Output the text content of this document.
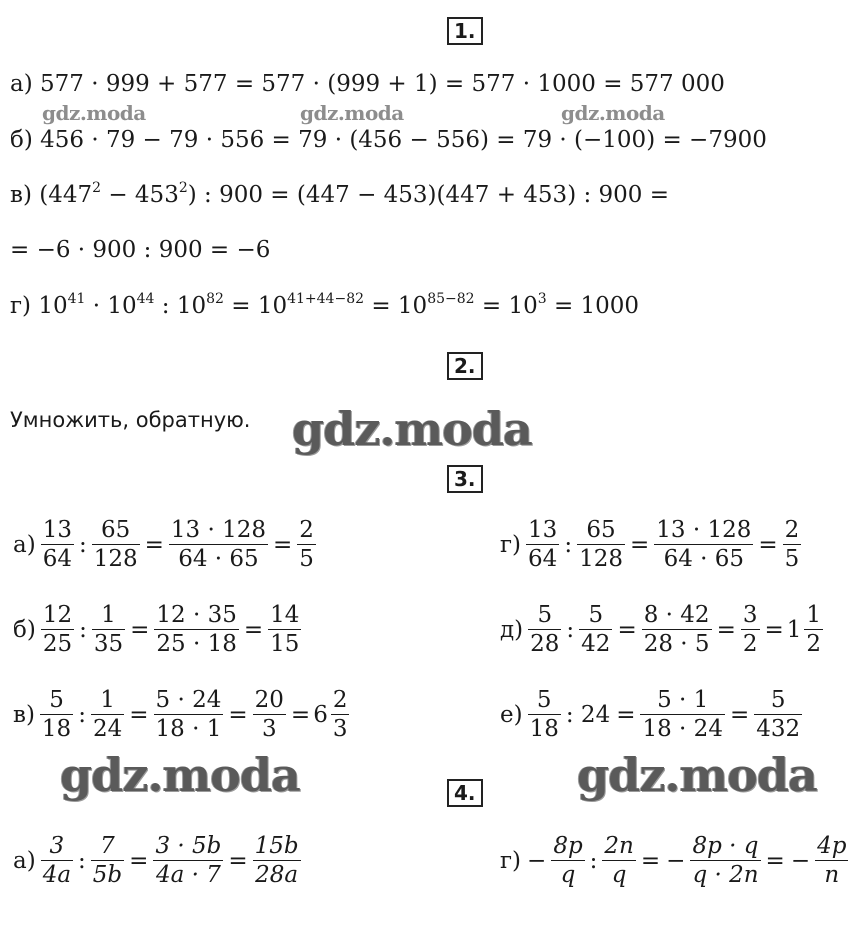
1.
2.
3.
4.
а) 577 · 999 + 577 = 577 · (999 + 1) = 577 · 1000 = 577 000
б) 456 · 79 − 79 · 556 = 79 · (456 − 556) = 79 · (−100) = −7900
в) $(447^2 - 453^2)$ : 900 = (447 − 453)(447 + 453) : 900 =
= −6 · 900 : 900 = −6
г) $10^{41} \cdot 10^{44}$ : $10^{82} = 10^{41+44-82} = 10^{85-82} = 10^3 = 1000$
gdz.moda	gdz.moda	gdz.moda
Умножить, обратную. gdz.moda
$а) \frac{13}{64}$ : $\frac{65}{128} = \frac{13 \cdot 128}{64 \cdot 65} = \frac{2}{5}$
$б) \frac{12}{25}$ : $\frac{1}{35} = \frac{12 \cdot 35}{25 \cdot 18} = \frac{14}{15}$
$в) \frac{5}{18}$ : $\frac{1}{24} = \frac{5 \cdot 24}{18 \cdot 1} = \frac{20}{3} = 6 \frac{2}{3}$
$г) \frac{13}{64}$ : $\frac{65}{128} = \frac{13 \cdot 128}{64 \cdot 65} = \frac{2}{5}$
$д) \frac{5}{28}$ : $\frac{5}{42} = \frac{8 \cdot 42}{28 \cdot 5} = \frac{3}{2} = 1 \frac{1}{2}$
$е) \frac{5}{18}$ : $24 = \frac{5 \cdot 1}{18 \cdot 24} = \frac{5}{432}$
gdz.moda	gdz.moda
$а) \frac{3}{4a}$ : $\frac{7}{5b} = \frac{3 \cdot 5b}{4a \cdot 7} = \frac{15b}{28a}$	$г) - \frac{8p}{q}$ : $\frac{2n}{q}$ = − $\frac{8p \cdot q}{q \cdot 2n}$ = − $\frac{4p}{n}$
